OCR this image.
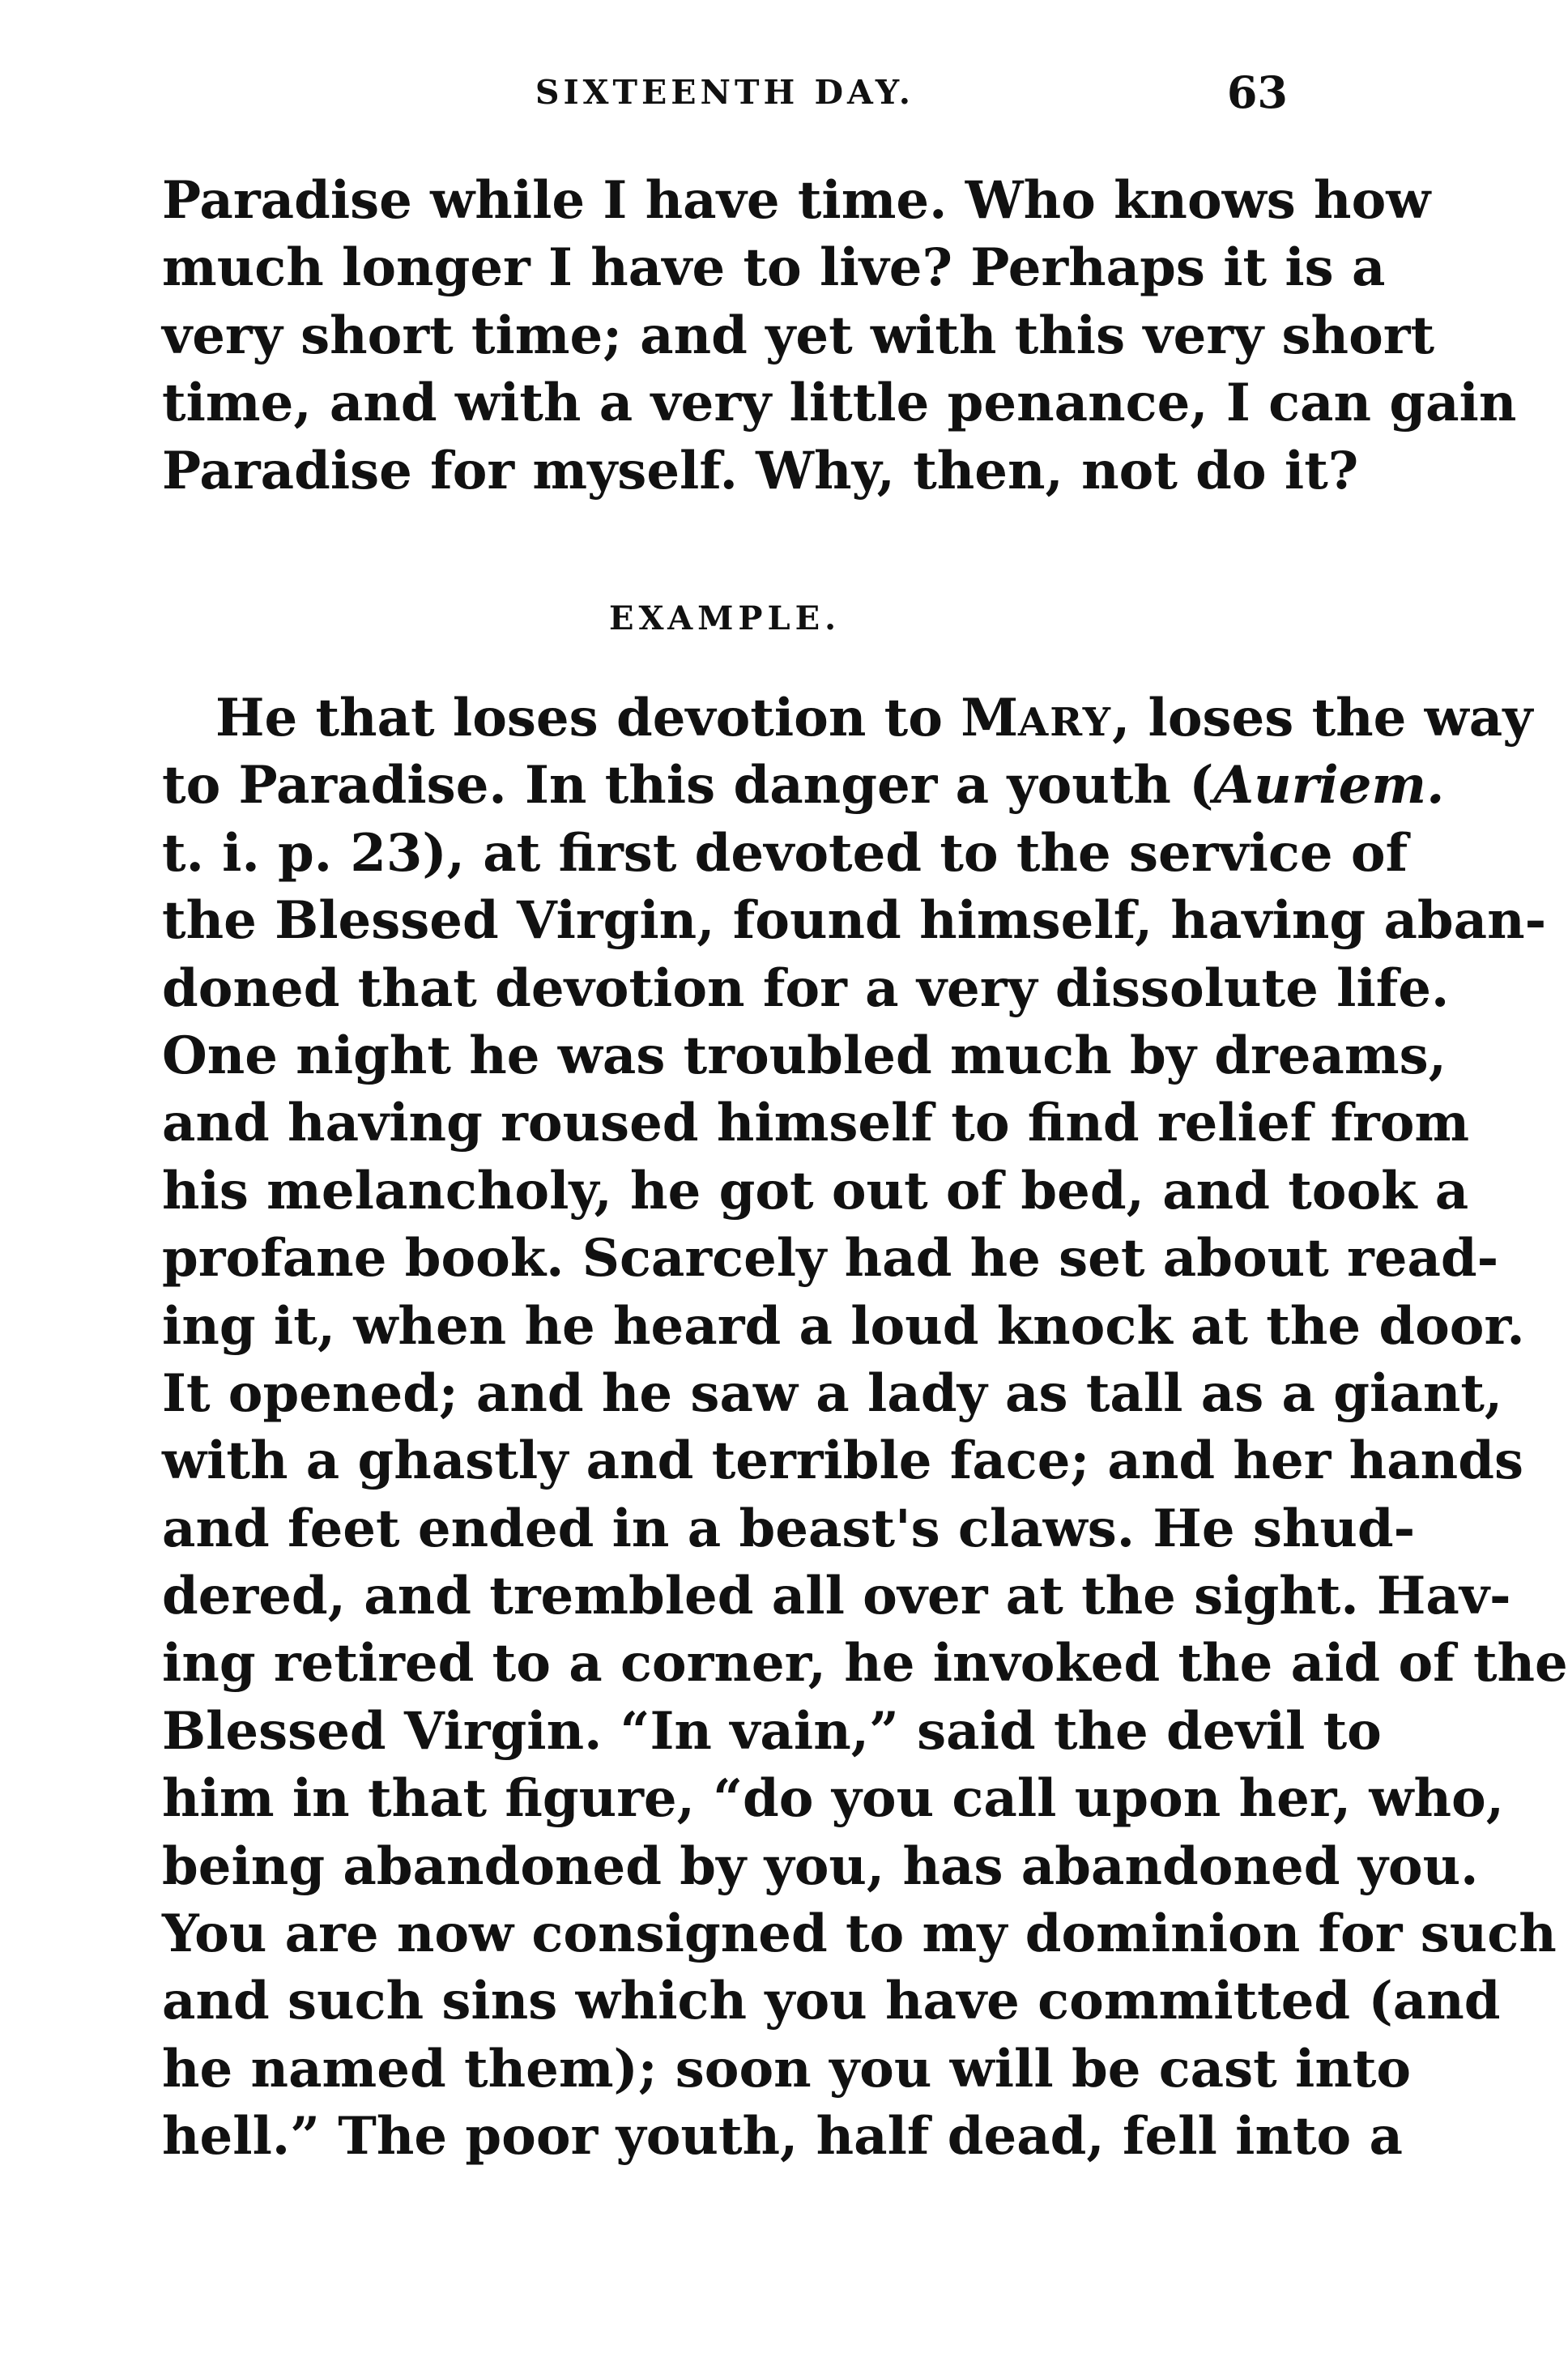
SIXTEENTH DAY.	63
Paradise while I have time. Who knows how
much longer I have to live? Perhaps it is a
very short time; and yet with this very short
time, and with a very little penance, I can gain
Paradise for myself. Why, then, not do it?
EXAMPLE.
He that loses devotion to MARY, loses the way
to Paradise. In this danger a youth (Auriem.
t. i. p. 23), at first devoted to the service of
the Blessed Virgin, found himself, having aban-
doned that devotion for a very dissolute life.
One night he was troubled much by dreams,
and having roused himself to find relief from
his melancholy, he got out of bed, and took a
profane book. Scarcely had he set about read-
ing it, when he heard a loud knock at the door.
It opened; and he saw a lady as tall as a giant,
with a ghastly and terrible face; and her hands
and feet ended in a beast's claws. He shud-
dered, and trembled all over at the sight. Hav-
ing retired to a corner, he invoked the aid of the
Blessed Virgin. “In vain,” said the devil to
him in that figure, “do you call upon her, who,
being abandoned by you, has abandoned you.
You are now consigned to my dominion for such
and such sins which you have committed (and
he named them); soon you will be cast into
hell.” The poor youth, half dead, fell into a
